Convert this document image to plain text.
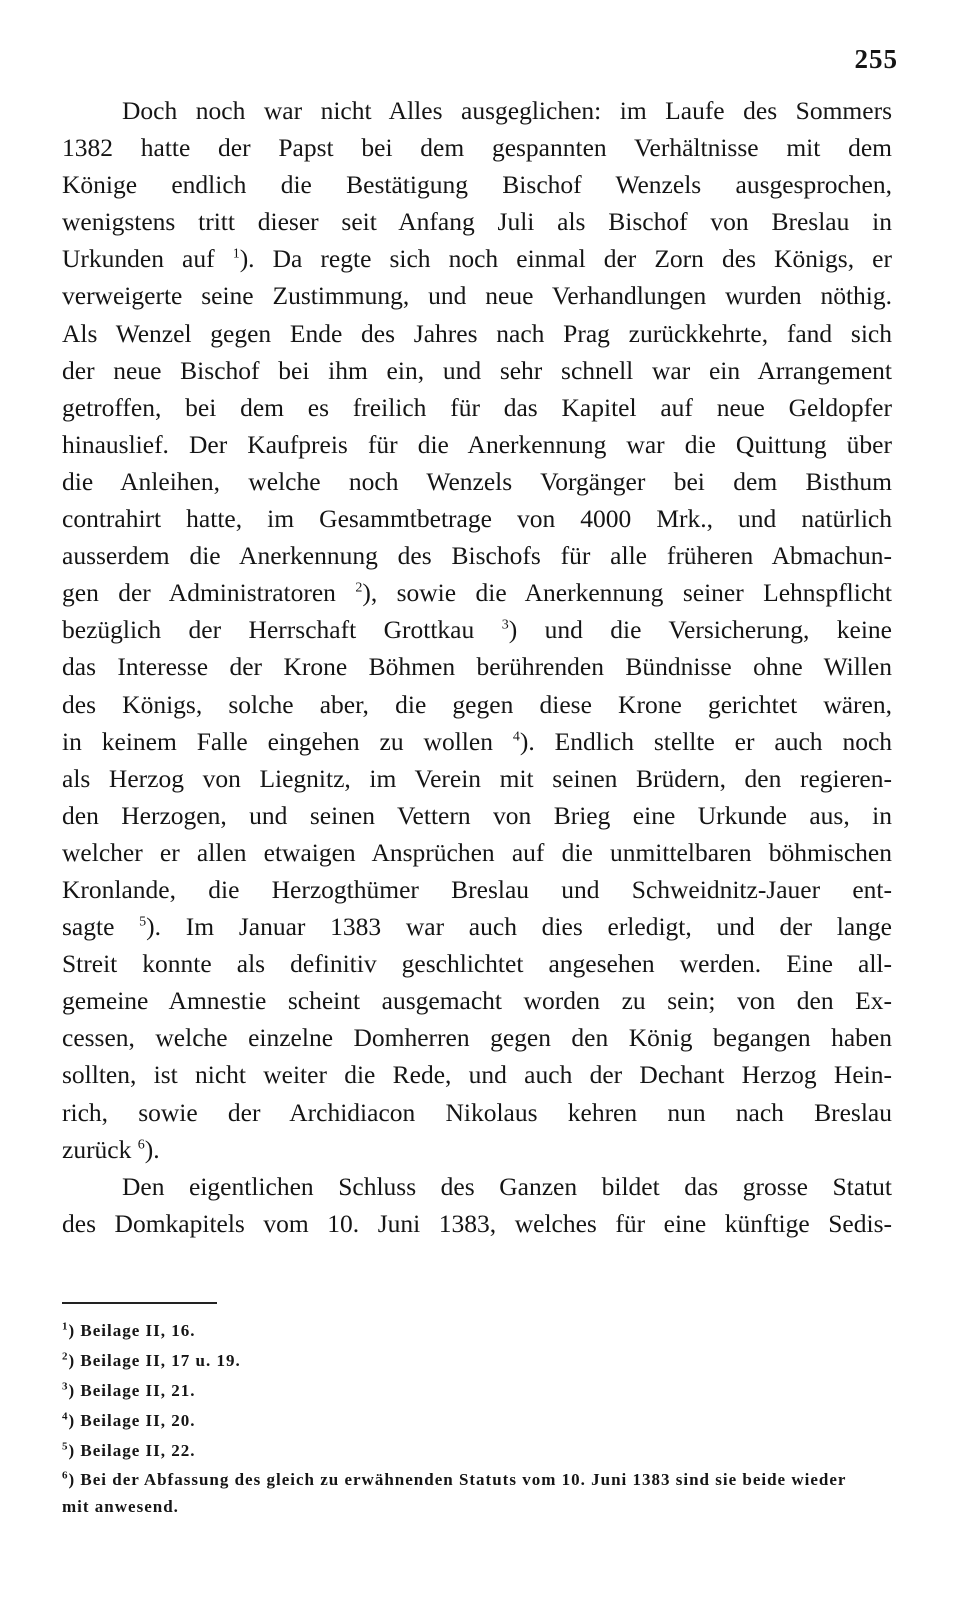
255
Doch noch war nicht Alles ausgeglichen: im Laufe des Sommers
1382 hatte der Papst bei dem gespannten Verhältnisse mit dem
Könige endlich die Bestätigung Bischof Wenzels ausgesprochen,
wenigstens tritt dieser seit Anfang Juli als Bischof von Breslau in
Urkunden auf $^1$). Da regte sich noch einmal der Zorn des Königs, er
verweigerte seine Zustimmung, und neue Verhandlungen wurden nöthig.
Als Wenzel gegen Ende des Jahres nach Prag zurückkehrte, fand sich
der neue Bischof bei ihm ein, und sehr schnell war ein Arrangement
getroffen, bei dem es freilich für das Kapitel auf neue Geldopfer
hinauslief. Der Kaufpreis für die Anerkennung war die Quittung über
die Anleihen, welche noch Wenzels Vorgänger bei dem Bisthum
contrahirt hatte, im Gesammtbetrage von 4000 Mrk., und natürlich
ausserdem die Anerkennung des Bischofs für alle früheren Abmachun-
gen der Administratoren $^2$), sowie die Anerkennung seiner Lehnspflicht
bezüglich der Herrschaft Grottkau $^3$) und die Versicherung, keine
das Interesse der Krone Böhmen berührenden Bündnisse ohne Willen
des Königs, solche aber, die gegen diese Krone gerichtet wären,
in keinem Falle eingehen zu wollen $^4$). Endlich stellte er auch noch
als Herzog von Liegnitz, im Verein mit seinen Brüdern, den regieren-
den Herzogen, und seinen Vettern von Brieg eine Urkunde aus, in
welcher er allen etwaigen Ansprüchen auf die unmittelbaren böhmischen
Kronlande, die Herzogthümer Breslau und Schweidnitz-Jauer ent-
sagte $^5$). Im Januar 1383 war auch dies erledigt, und der lange
Streit konnte als definitiv geschlichtet angesehen werden. Eine all-
gemeine Amnestie scheint ausgemacht worden zu sein; von den Ex-
cessen, welche einzelne Domherren gegen den König begangen haben
sollten, ist nicht weiter die Rede, und auch der Dechant Herzog Hein-
rich, sowie der Archidiacon Nikolaus kehren nun nach Breslau
zurück $^6$).
Den eigentlichen Schluss des Ganzen bildet das grosse Statut
des Domkapitels vom 10. Juni 1383, welches für eine künftige Sedis-
$^1$) Beilage II, 16.
$^2$) Beilage II, 17 u. 19.
$^3$) Beilage II, 21.
$^4$) Beilage II, 20.
$^5$) Beilage II, 22.
$^6$) Bei der Abfassung des gleich zu erwähnenden Statuts vom 10. Juni 1383 sind sie beide wieder mit anwesend.
